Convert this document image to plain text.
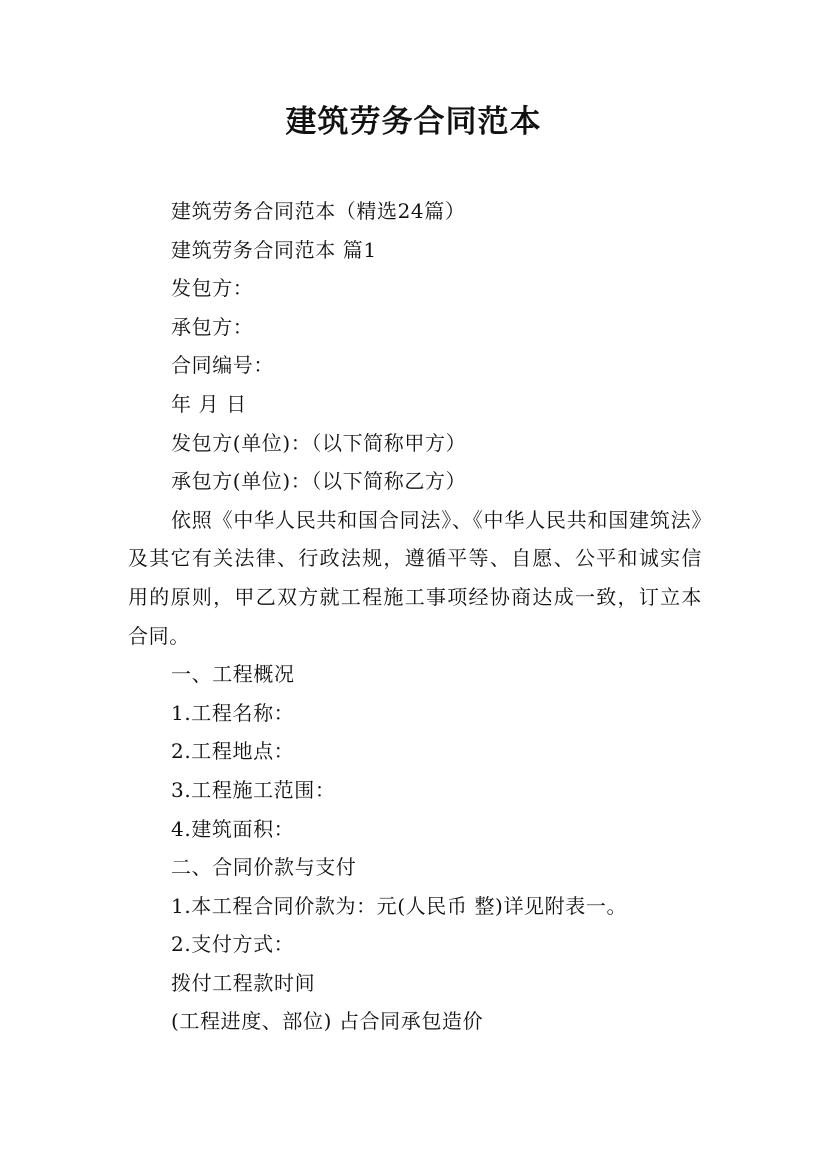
建筑劳务合同范本

建筑劳务合同范本（精选24篇）

建筑劳务合同范本 篇1

发包方：

承包方：

合同编号：

年 月 日

发包方(单位)：（以下简称甲方）

承包方(单位)：（以下简称乙方）

依照《中华人民共和国合同法》、《中华人民共和国建筑法》及其它有关法律、行政法规，遵循平等、自愿、公平和诚实信用的原则，甲乙双方就工程施工事项经协商达成一致，订立本合同。

一、工程概况

1.工程名称：

2.工程地点：

3.工程施工范围：

4.建筑面积：

二、合同价款与支付

1.本工程合同价款为：元(人民币 整)详见附表一。

2.支付方式：

拨付工程款时间

(工程进度、部位) 占合同承包造价
